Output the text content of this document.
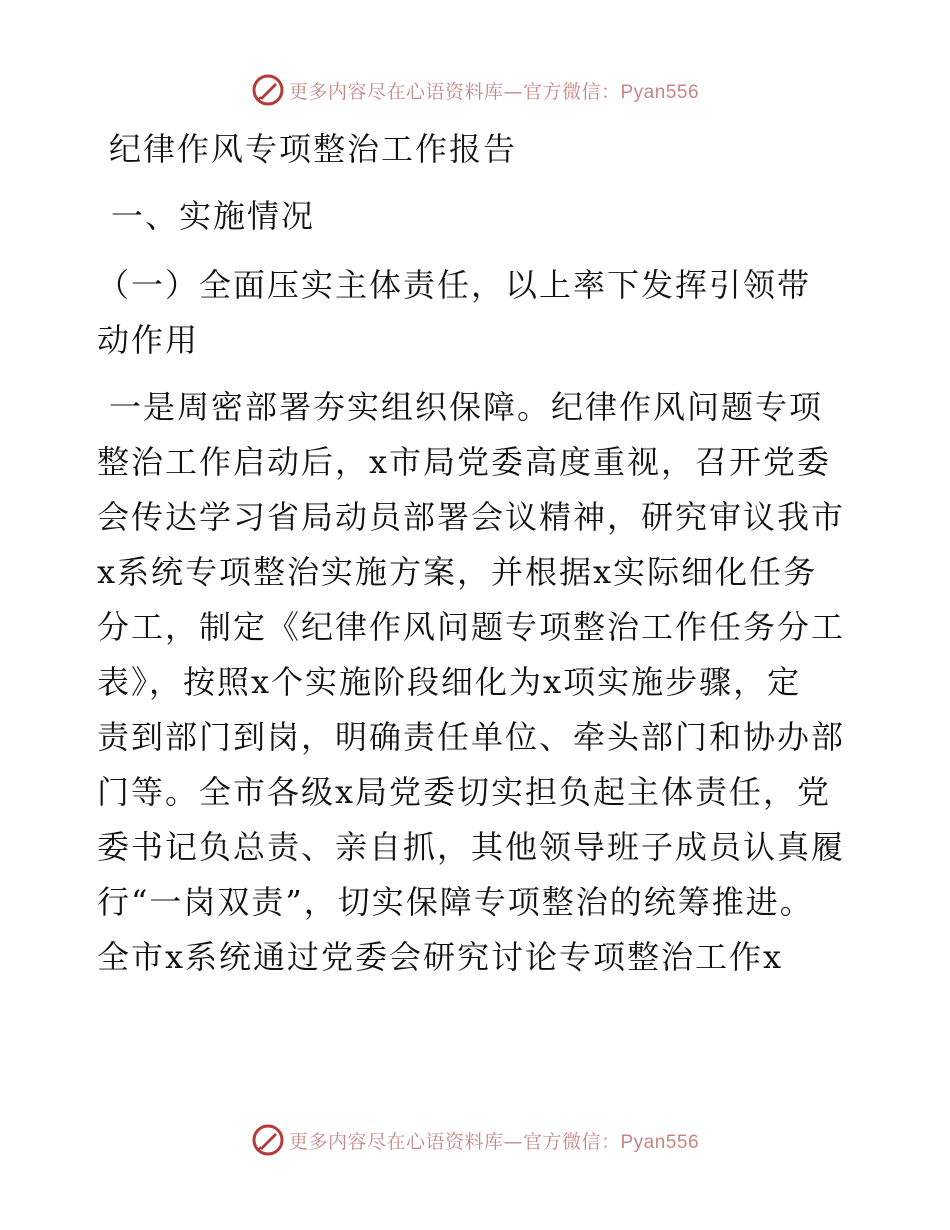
更多内容尽在心语资料库—官方微信：Pyan556
纪律作风专项整治工作报告
一、实施情况
（一）全面压实主体责任，以上率下发挥引领带
动作用
一是周密部署夯实组织保障。纪律作风问题专项
整治工作启动后，x市局党委高度重视，召开党委
会传达学习省局动员部署会议精神，研究审议我市
x系统专项整治实施方案，并根据x实际细化任务
分工，制定《纪律作风问题专项整治工作任务分工
表》，按照x个实施阶段细化为x项实施步骤，定
责到部门到岗，明确责任单位、牵头部门和协办部
门等。全市各级x局党委切实担负起主体责任，党
委书记负总责、亲自抓，其他领导班子成员认真履
行“一岗双责”，切实保障专项整治的统筹推进。
全市x系统通过党委会研究讨论专项整治工作x
更多内容尽在心语资料库—官方微信：Pyan556
